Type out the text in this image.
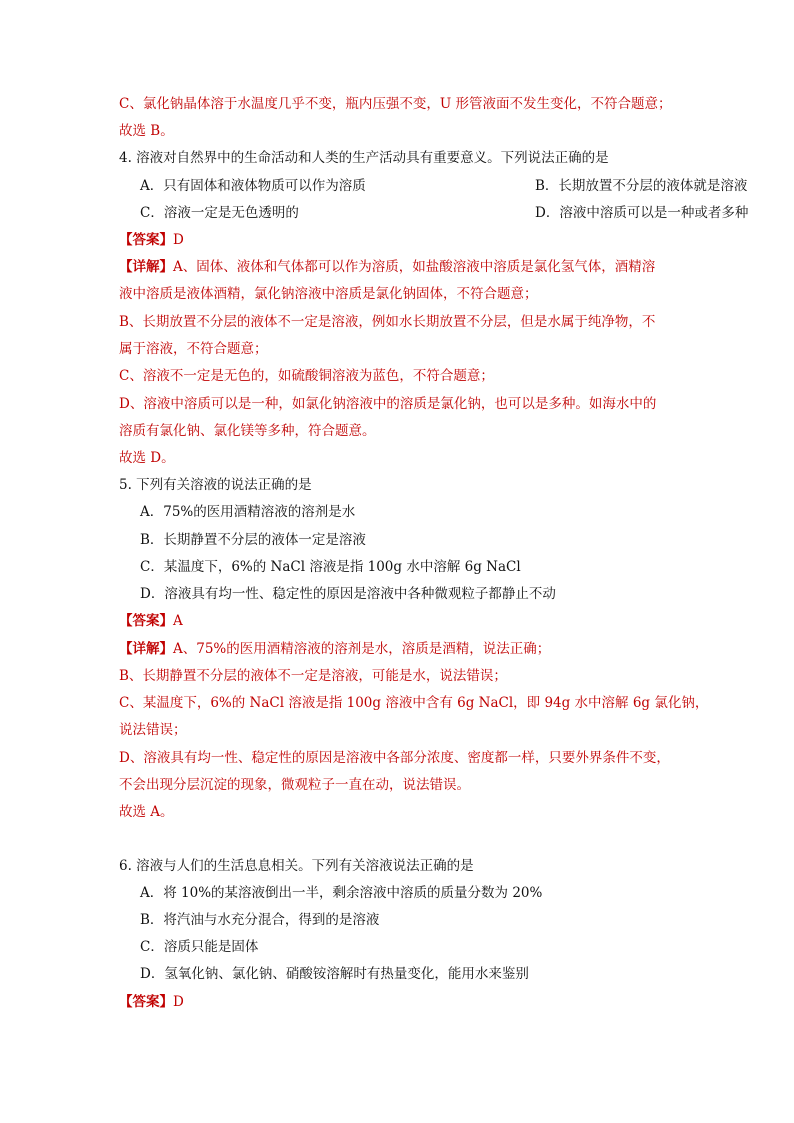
C、氯化钠晶体溶于水温度几乎不变，瓶内压强不变，U 形管液面不发生变化，不符合题意；
故选 B。
4. 溶液对自然界中的生命活动和人类的生产活动具有重要意义。下列说法正确的是
A．只有固体和液体物质可以作为溶质	B．长期放置不分层的液体就是溶液
C．溶液一定是无色透明的	D．溶液中溶质可以是一种或者多种
【答案】D
【详解】A、固体、液体和气体都可以作为溶质，如盐酸溶液中溶质是氯化氢气体，酒精溶
液中溶质是液体酒精，氯化钠溶液中溶质是氯化钠固体，不符合题意；
B、长期放置不分层的液体不一定是溶液，例如水长期放置不分层，但是水属于纯净物，不
属于溶液，不符合题意；
C、溶液不一定是无色的，如硫酸铜溶液为蓝色，不符合题意；
D、溶液中溶质可以是一种，如氯化钠溶液中的溶质是氯化钠，也可以是多种。如海水中的
溶质有氯化钠、氯化镁等多种，符合题意。
故选 D。
5. 下列有关溶液的说法正确的是
A．75%的医用酒精溶液的溶剂是水
B．长期静置不分层的液体一定是溶液
C．某温度下，6%的 NaCl 溶液是指 100g 水中溶解 6g NaCl
D．溶液具有均一性、稳定性的原因是溶液中各种微观粒子都静止不动
【答案】A
【详解】A、75%的医用酒精溶液的溶剂是水，溶质是酒精，说法正确；
B、长期静置不分层的液体不一定是溶液，可能是水，说法错误；
C、某温度下，6%的 NaCl 溶液是指 100g 溶液中含有 6g NaCl，即 94g 水中溶解 6g 氯化钠，
说法错误；
D、溶液具有均一性、稳定性的原因是溶液中各部分浓度、密度都一样，只要外界条件不变，
不会出现分层沉淀的现象，微观粒子一直在动，说法错误。
故选 A。
6. 溶液与人们的生活息息相关。下列有关溶液说法正确的是
A．将 10%的某溶液倒出一半，剩余溶液中溶质的质量分数为 20%
B．将汽油与水充分混合，得到的是溶液
C．溶质只能是固体
D．氢氧化钠、氯化钠、硝酸铵溶解时有热量变化，能用水来鉴别
【答案】D
